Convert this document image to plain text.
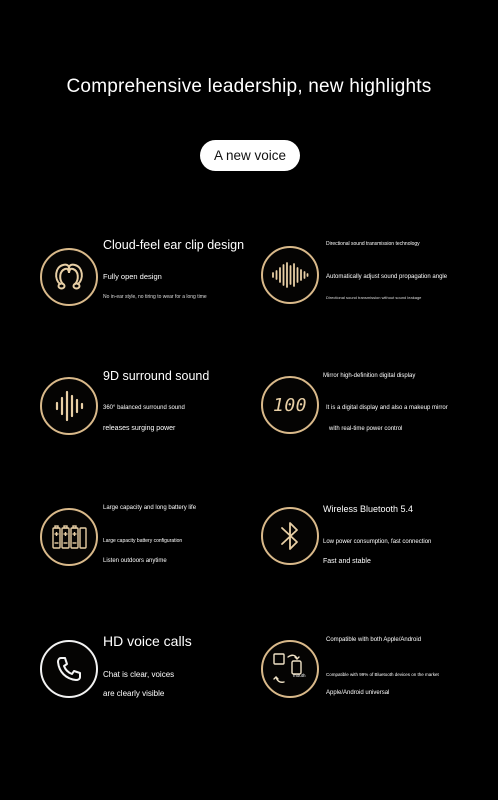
Comprehensive leadership, new highlights
A new voice
Cloud-feel ear clip design
Fully open design
No in-ear style, no tiring to wear for a long time
Directional sound transmission technology
Automatically adjust sound propagation angle
Directional sound transmission without sound leakage
9D surround sound
360° balanced surround sound
releases surging power
100
Mirror high-definition digital display
It is a digital display and also a makeup mirror
with real-time power control
Large capacity and long battery life
Large capacity battery configuration
Listen outdoors anytime
Wireless Bluetooth 5.4
Low power consumption, fast connection
Fast and stable
HD voice calls
Chat is clear, voices
are clearly visible
mouth
Compatible with both Apple/Android
Compatible with 99% of Bluetooth devices on the market
Apple/Android universal
